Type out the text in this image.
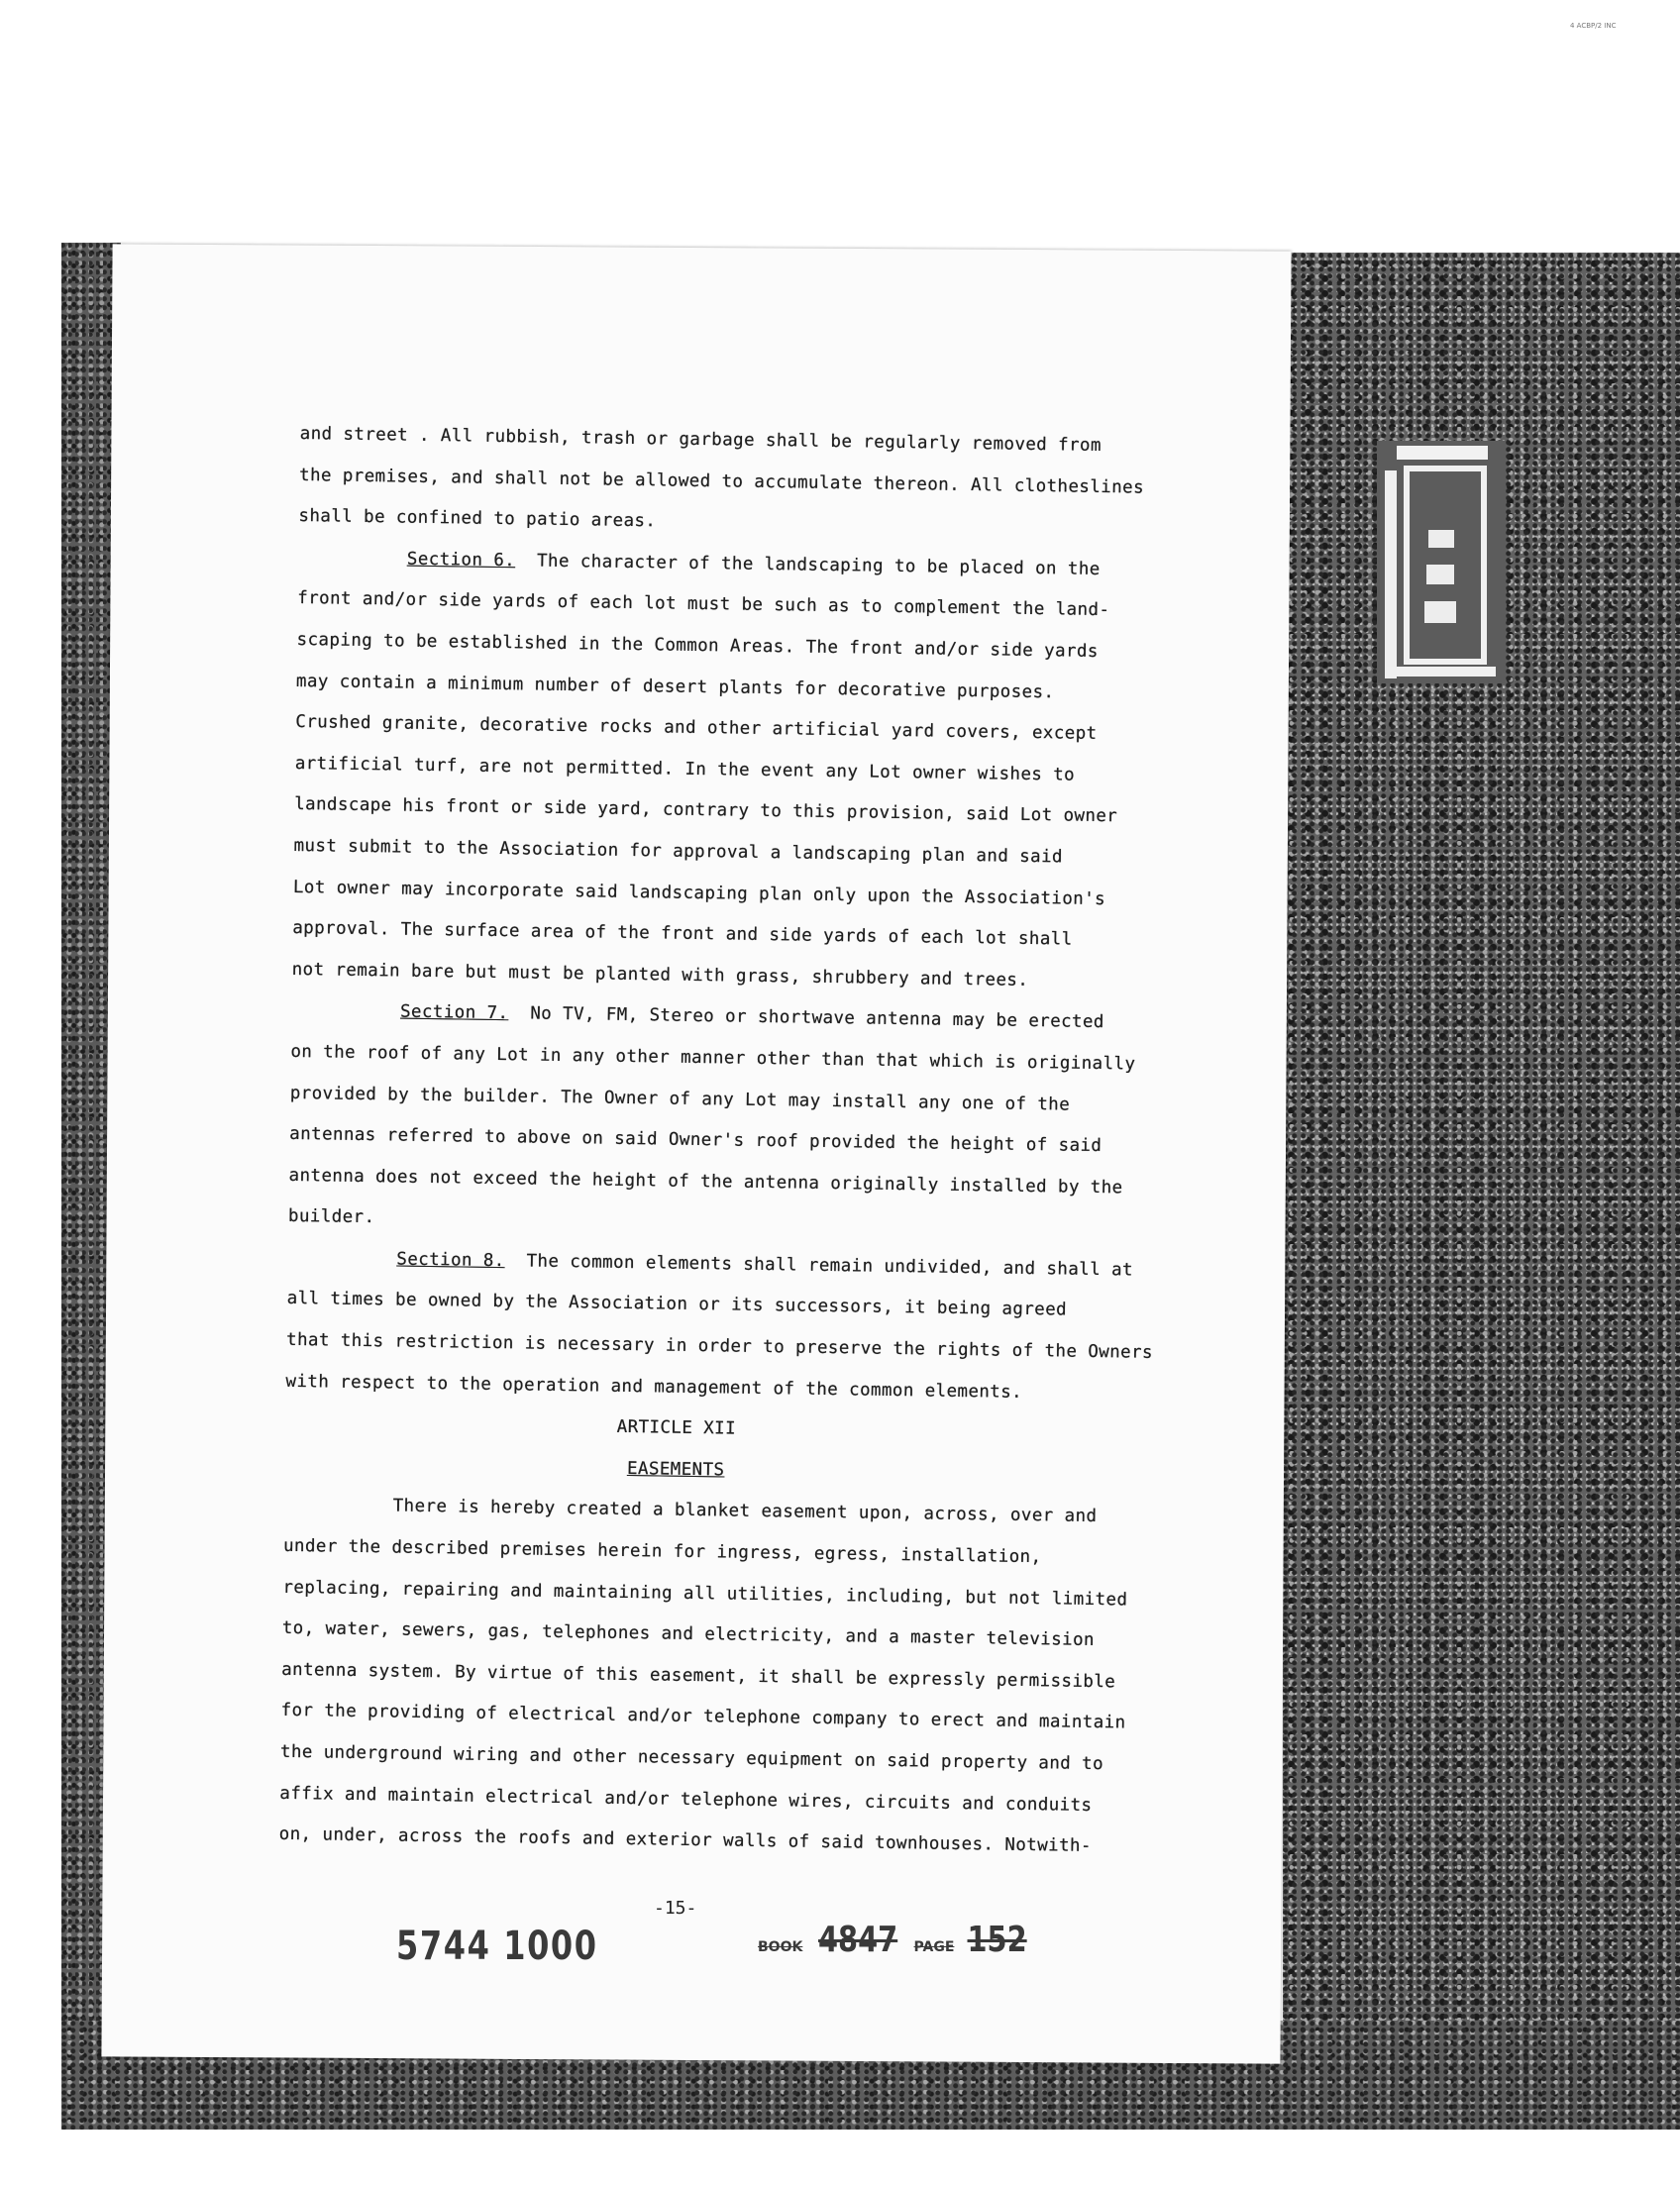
4 ACBP/2 INC
and street . All rubbish, trash or garbage shall be regularly removed from
the premises, and shall not be allowed to accumulate thereon. All clotheslines
shall be confined to patio areas.
Section 6. The character of the landscaping to be placed on the
front and/or side yards of each lot must be such as to complement the land-
scaping to be established in the Common Areas. The front and/or side yards
may contain a minimum number of desert plants for decorative purposes.
Crushed granite, decorative rocks and other artificial yard covers, except
artificial turf, are not permitted. In the event any Lot owner wishes to
landscape his front or side yard, contrary to this provision, said Lot owner
must submit to the Association for approval a landscaping plan and said
Lot owner may incorporate said landscaping plan only upon the Association's
approval. The surface area of the front and side yards of each lot shall
not remain bare but must be planted with grass, shrubbery and trees.
Section 7. No TV, FM, Stereo or shortwave antenna may be erected
on the roof of any Lot in any other manner other than that which is originally
provided by the builder. The Owner of any Lot may install any one of the
antennas referred to above on said Owner's roof provided the height of said
antenna does not exceed the height of the antenna originally installed by the
builder.
Section 8. The common elements shall remain undivided, and shall at
all times be owned by the Association or its successors, it being agreed
that this restriction is necessary in order to preserve the rights of the Owners
with respect to the operation and management of the common elements.
ARTICLE XII
EASEMENTS
There is hereby created a blanket easement upon, across, over and
under the described premises herein for ingress, egress, installation,
replacing, repairing and maintaining all utilities, including, but not limited
to, water, sewers, gas, telephones and electricity, and a master television
antenna system. By virtue of this easement, it shall be expressly permissible
for the providing of electrical and/or telephone company to erect and maintain
the underground wiring and other necessary equipment on said property and to
affix and maintain electrical and/or telephone wires, circuits and conduits
on, under, across the roofs and exterior walls of said townhouses. Notwith-
-15-
5744 1000	BOOK 4847 PAGE 152
